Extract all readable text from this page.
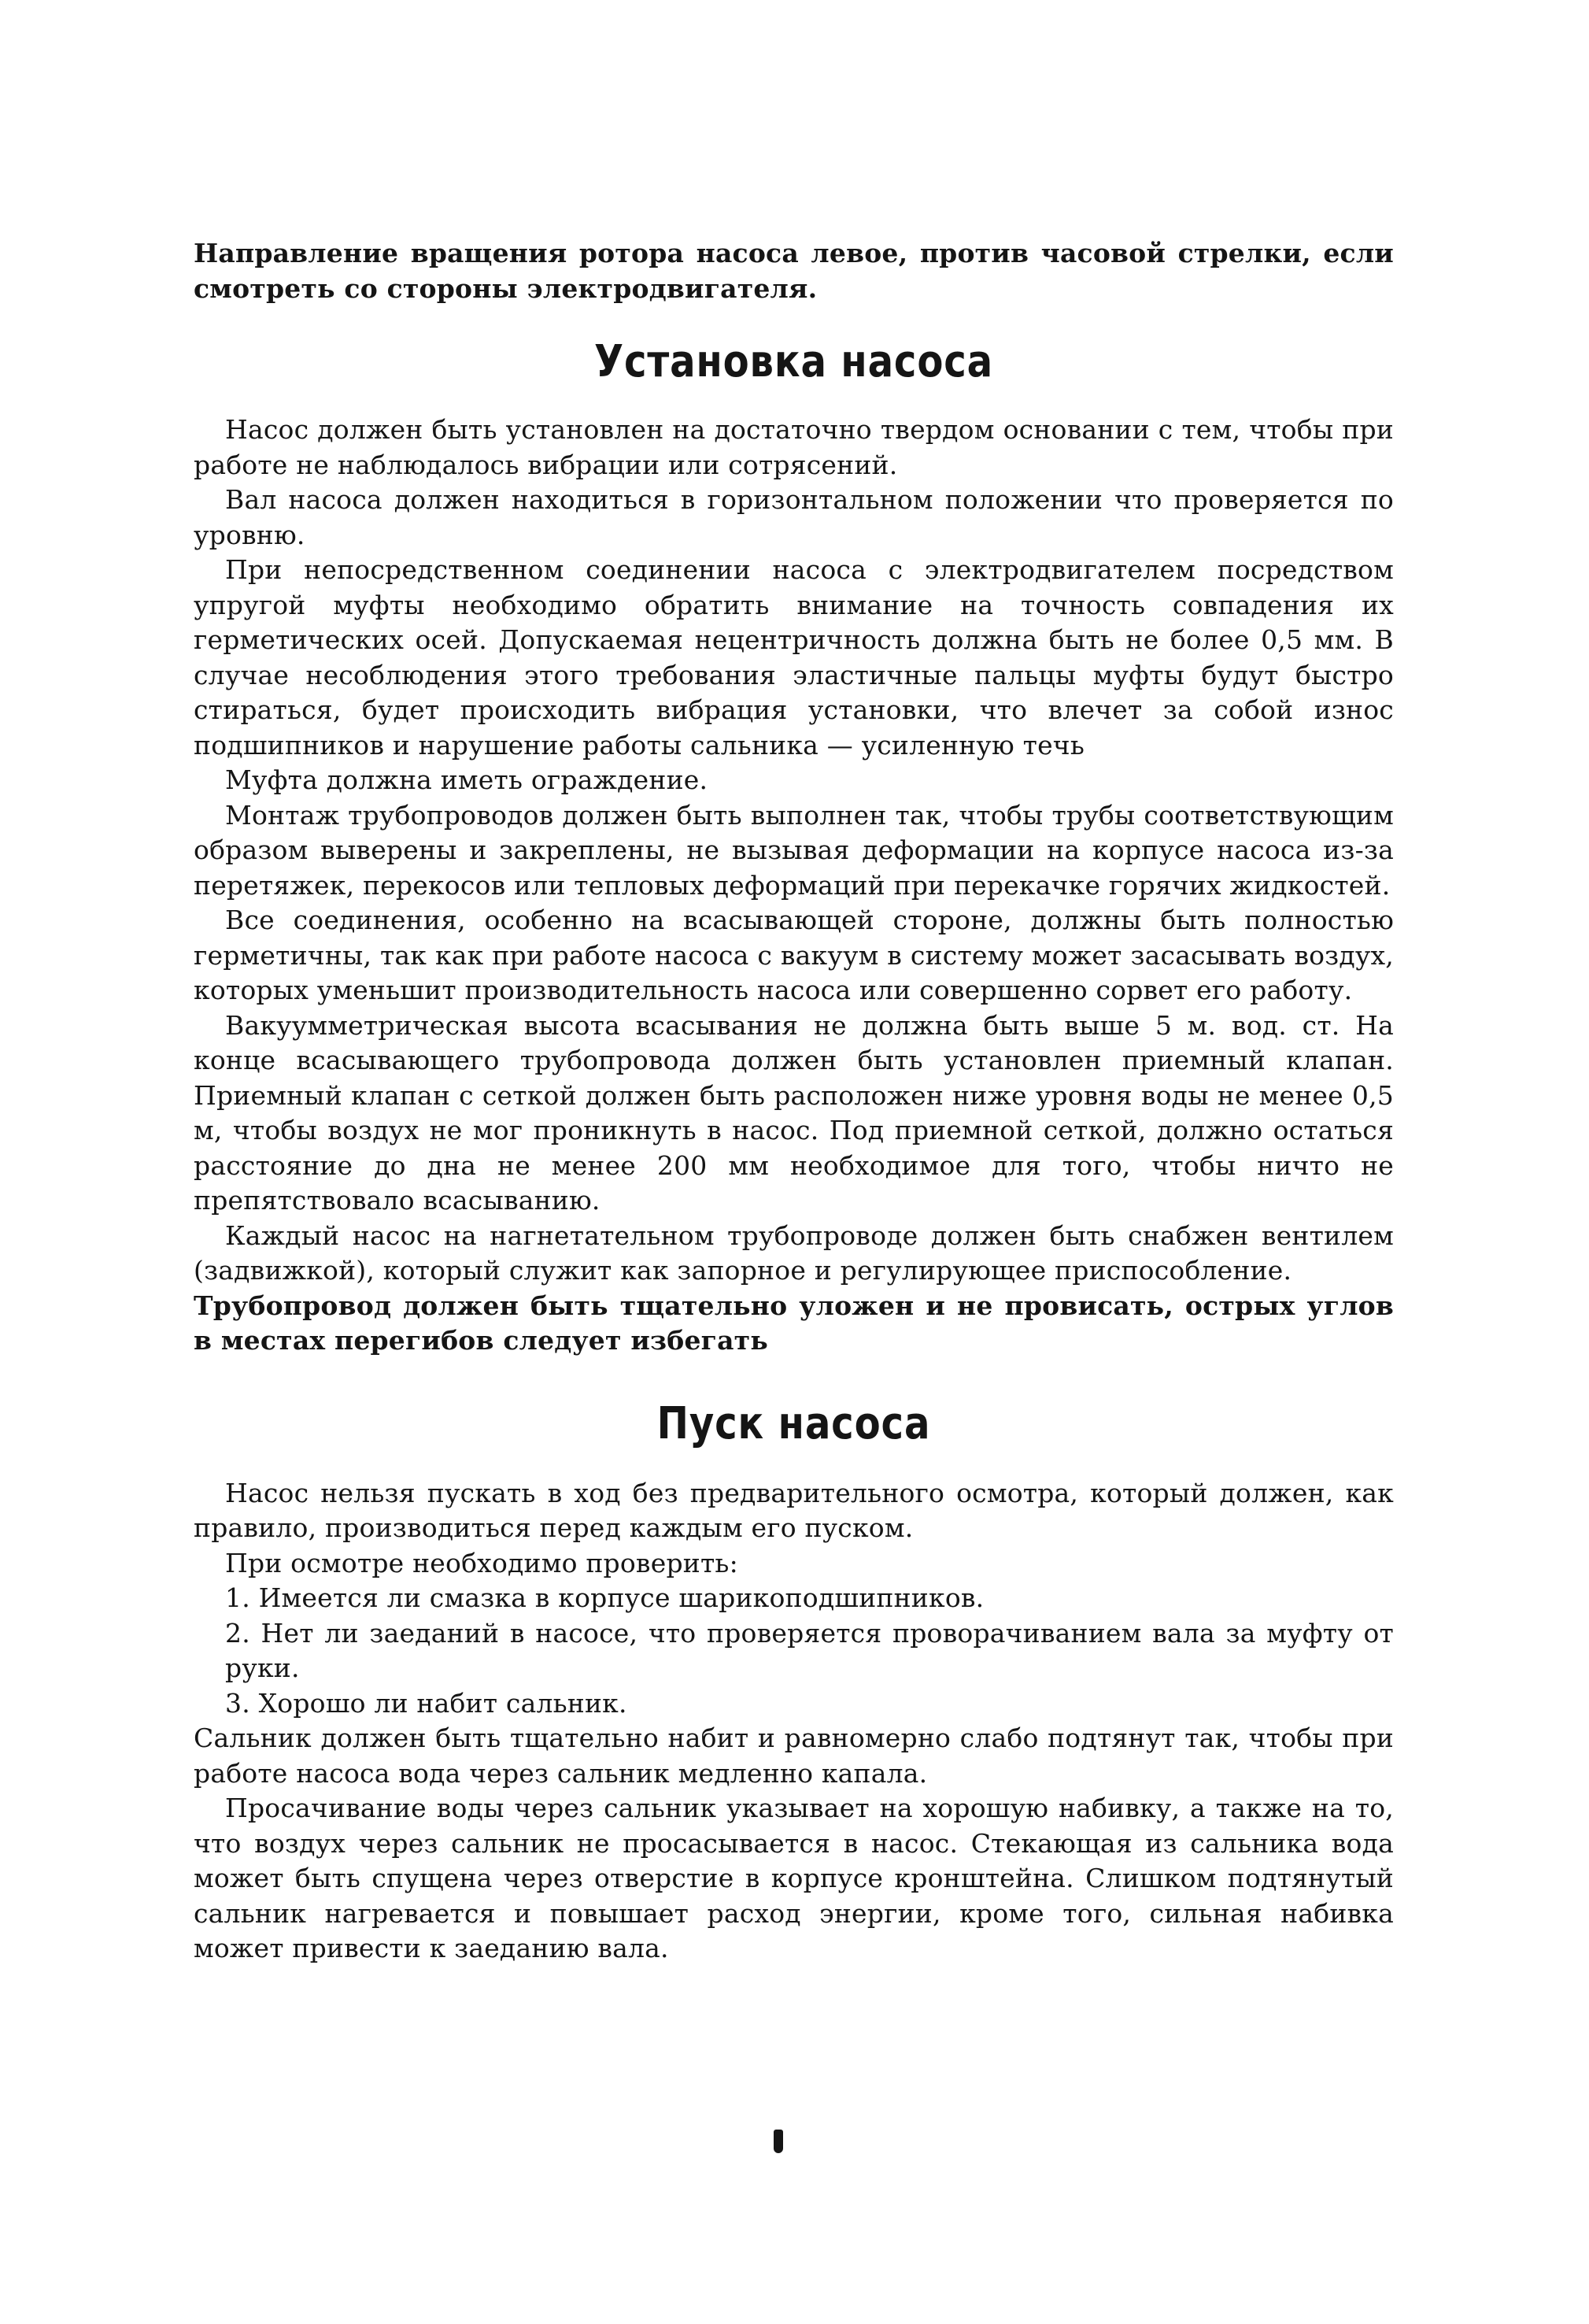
Направление вращения ротора насоса левое, против часовой стрелки, если смотреть со стороны электродвигателя.

Установка насоса

Насос должен быть установлен на достаточно твердом основании с тем, чтобы при работе не наблюдалось вибрации или сотрясений.

Вал насоса должен находиться в горизонтальном положении что проверяется по уровню.

При непосредственном соединении насоса с электродвигателем посредством упругой муфты необходимо обратить внимание на точность совпадения их герметических осей. Допускаемая нецентричность должна быть не более 0,5 мм. В случае несоблюдения этого требования эластичные пальцы муфты будут быстро стираться, будет происходить вибрация установки, что влечет за собой износ подшипников и нарушение работы сальника — усиленную течь

Муфта должна иметь ограждение.

Монтаж трубопроводов должен быть выполнен так, чтобы трубы соответствующим образом выверены и закреплены, не вызывая деформации на корпусе насоса из-за перетяжек, перекосов или тепловых деформаций при перекачке горячих жидкостей.

Все соединения, особенно на всасывающей стороне, должны быть полностью герметичны, так как при работе насоса с вакуум в систему может засасывать воздух, которых уменьшит производительность насоса или совершенно сорвет его работу.

Вакуумметрическая высота всасывания не должна быть выше 5 м. вод. ст. На конце всасывающего трубопровода должен быть установлен приемный клапан. Приемный клапан с сеткой должен быть расположен ниже уровня воды не менее 0,5 м, чтобы воздух не мог проникнуть в насос. Под приемной сеткой, должно остаться расстояние до дна не менее 200 мм необходимое для того, чтобы ничто не препятствовало всасыванию.

Каждый насос на нагнетательном трубопроводе должен быть снабжен вентилем (задвижкой), который служит как запорное и регулирующее приспособление.

Трубопровод должен быть тщательно уложен и не провисать, острых углов в местах перегибов следует избегать

Пуск насоса

Насос нельзя пускать в ход без предварительного осмотра, который должен, как правило, производиться перед каждым его пуском.

При осмотре необходимо проверить:

1. Имеется ли смазка в корпусе шарикоподшипников.

2. Нет ли заеданий в насосе, что проверяется проворачиванием вала за муфту от руки.

3. Хорошо ли набит сальник.

Сальник должен быть тщательно набит и равномерно слабо подтянут так, чтобы при работе насоса вода через сальник медленно капала.

Просачивание воды через сальник указывает на хорошую набивку, а также на то, что воздух через сальник не просасывается в насос. Стекающая из сальника вода может быть спущена через отверстие в корпусе кронштейна. Слишком подтянутый сальник нагревается и повышает расход энергии, кроме того, сильная набивка может привести к заеданию вала.
